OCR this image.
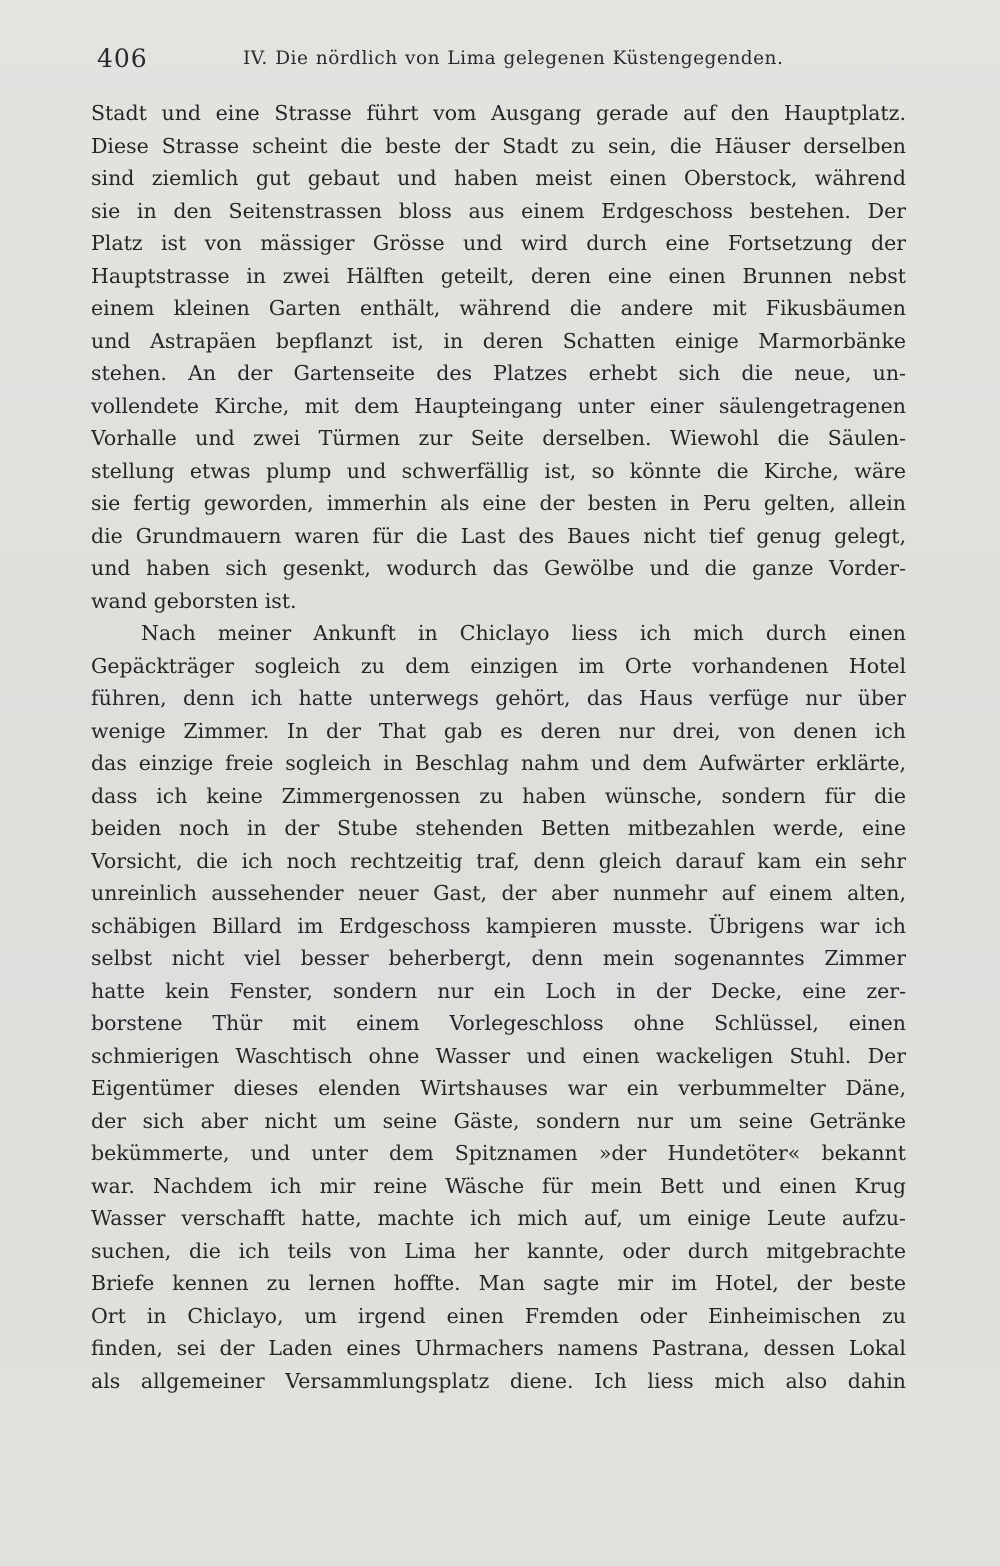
406	IV. Die nördlich von Lima gelegenen Küstengegenden.
Stadt und eine Strasse führt vom Ausgang gerade auf den Hauptplatz.
Diese Strasse scheint die beste der Stadt zu sein, die Häuser derselben
sind ziemlich gut gebaut und haben meist einen Oberstock, während
sie in den Seitenstrassen bloss aus einem Erdgeschoss bestehen. Der
Platz ist von mässiger Grösse und wird durch eine Fortsetzung der
Hauptstrasse in zwei Hälften geteilt, deren eine einen Brunnen nebst
einem kleinen Garten enthält, während die andere mit Fikusbäumen
und Astrapäen bepflanzt ist, in deren Schatten einige Marmorbänke
stehen. An der Gartenseite des Platzes erhebt sich die neue, un-
vollendete Kirche, mit dem Haupteingang unter einer säulengetragenen
Vorhalle und zwei Türmen zur Seite derselben. Wiewohl die Säulen-
stellung etwas plump und schwerfällig ist, so könnte die Kirche, wäre
sie fertig geworden, immerhin als eine der besten in Peru gelten, allein
die Grundmauern waren für die Last des Baues nicht tief genug gelegt,
und haben sich gesenkt, wodurch das Gewölbe und die ganze Vorder-
wand geborsten ist.
Nach meiner Ankunft in Chiclayo liess ich mich durch einen
Gepäckträger sogleich zu dem einzigen im Orte vorhandenen Hotel
führen, denn ich hatte unterwegs gehört, das Haus verfüge nur über
wenige Zimmer. In der That gab es deren nur drei, von denen ich
das einzige freie sogleich in Beschlag nahm und dem Aufwärter erklärte,
dass ich keine Zimmergenossen zu haben wünsche, sondern für die
beiden noch in der Stube stehenden Betten mitbezahlen werde, eine
Vorsicht, die ich noch rechtzeitig traf, denn gleich darauf kam ein sehr
unreinlich aussehender neuer Gast, der aber nunmehr auf einem alten,
schäbigen Billard im Erdgeschoss kampieren musste. Übrigens war ich
selbst nicht viel besser beherbergt, denn mein sogenanntes Zimmer
hatte kein Fenster, sondern nur ein Loch in der Decke, eine zer-
borstene Thür mit einem Vorlegeschloss ohne Schlüssel, einen
schmierigen Waschtisch ohne Wasser und einen wackeligen Stuhl. Der
Eigentümer dieses elenden Wirtshauses war ein verbummelter Däne,
der sich aber nicht um seine Gäste, sondern nur um seine Getränke
bekümmerte, und unter dem Spitznamen »der Hundetöter« bekannt
war. Nachdem ich mir reine Wäsche für mein Bett und einen Krug
Wasser verschafft hatte, machte ich mich auf, um einige Leute aufzu-
suchen, die ich teils von Lima her kannte, oder durch mitgebrachte
Briefe kennen zu lernen hoffte. Man sagte mir im Hotel, der beste
Ort in Chiclayo, um irgend einen Fremden oder Einheimischen zu
finden, sei der Laden eines Uhrmachers namens Pastrana, dessen Lokal
als allgemeiner Versammlungsplatz diene. Ich liess mich also dahin
